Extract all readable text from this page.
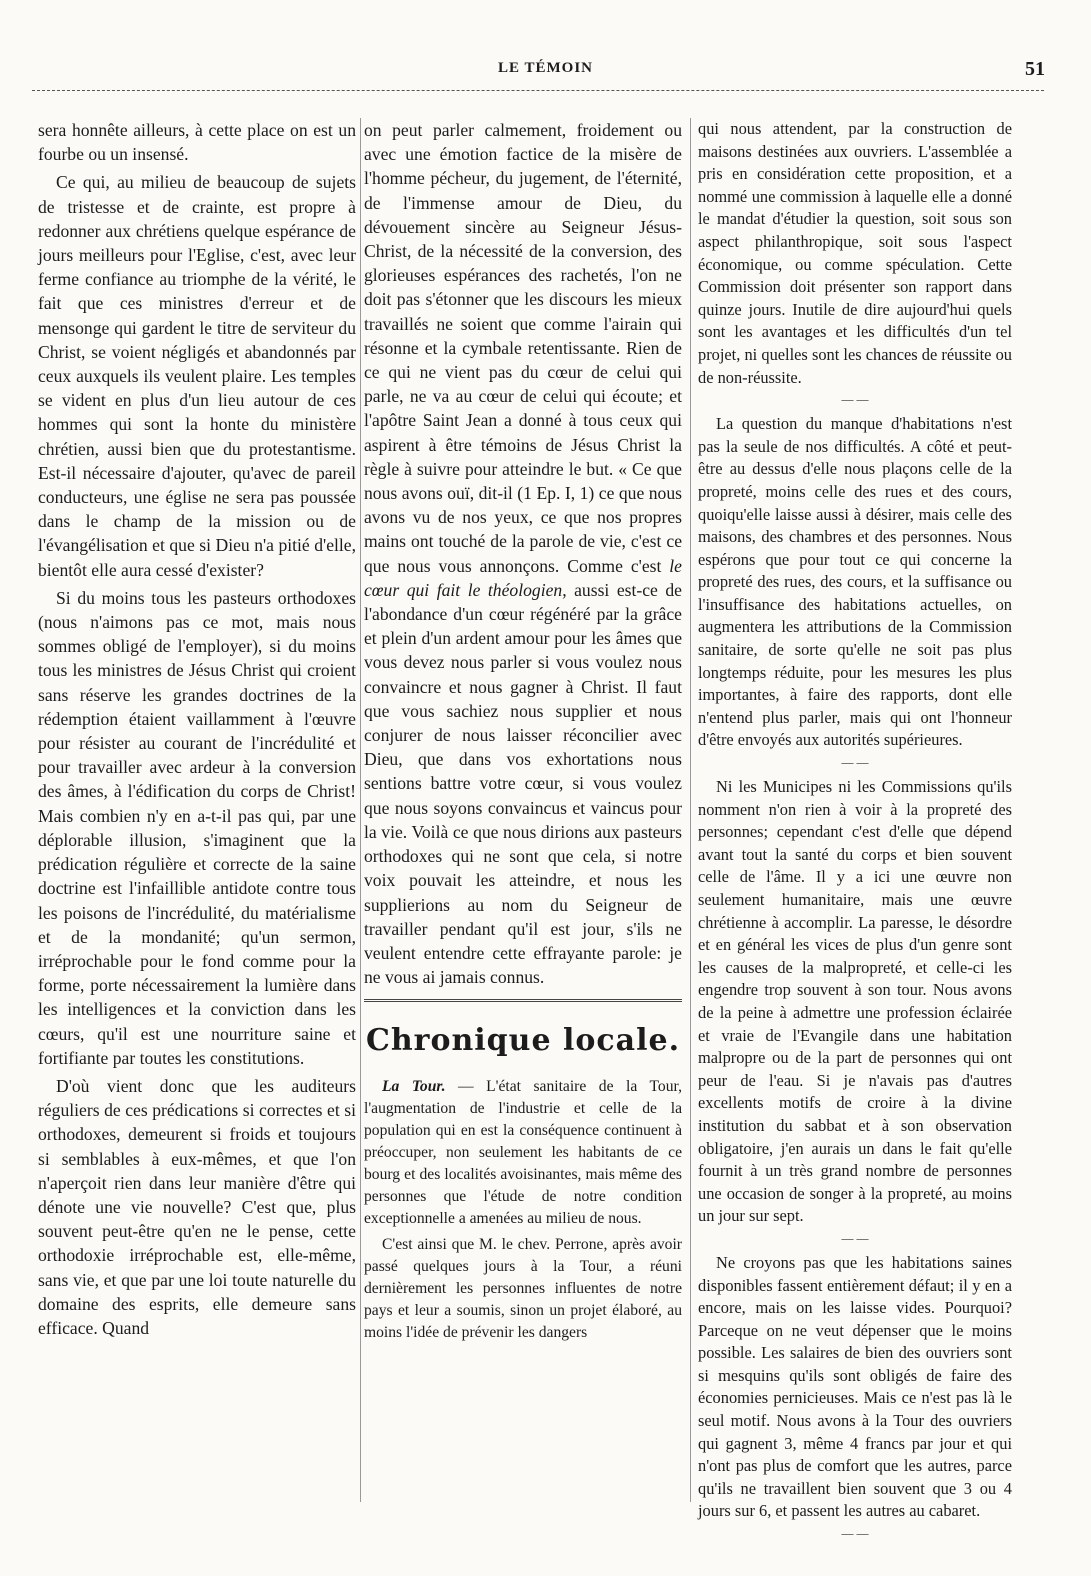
LE TÉMOIN	51

sera honnête ailleurs, à cette place on est un fourbe ou un insensé.

Ce qui, au milieu de beaucoup de sujets de tristesse et de crainte, est propre à redonner aux chrétiens quelque espérance de jours meilleurs pour l'Eglise, c'est, avec leur ferme confiance au triomphe de la vérité, le fait que ces ministres d'erreur et de mensonge qui gardent le titre de serviteur du Christ, se voient négligés et abandonnés par ceux auxquels ils veulent plaire. Les temples se vident en plus d'un lieu autour de ces hommes qui sont la honte du ministère chrétien, aussi bien que du protestantisme. Est-il nécessaire d'ajouter, qu'avec de pareil conducteurs, une église ne sera pas poussée dans le champ de la mission ou de l'évangélisation et que si Dieu n'a pitié d'elle, bientôt elle aura cessé d'exister?

Si du moins tous les pasteurs orthodoxes (nous n'aimons pas ce mot, mais nous sommes obligé de l'employer), si du moins tous les ministres de Jésus Christ qui croient sans réserve les grandes doctrines de la rédemption étaient vaillamment à l'œuvre pour résister au courant de l'incrédulité et pour travailler avec ardeur à la conversion des âmes, à l'édification du corps de Christ! Mais combien n'y en a-t-il pas qui, par une déplorable illusion, s'imaginent que la prédication régulière et correcte de la saine doctrine est l'infaillible antidote contre tous les poisons de l'incrédulité, du matérialisme et de la mondanité; qu'un sermon, irréprochable pour le fond comme pour la forme, porte nécessairement la lumière dans les intelligences et la conviction dans les cœurs, qu'il est une nourriture saine et fortifiante par toutes les constitutions.

D'où vient donc que les auditeurs réguliers de ces prédications si correctes et si orthodoxes, demeurent si froids et toujours si semblables à eux-mêmes, et que l'on n'aperçoit rien dans leur manière d'être qui dénote une vie nouvelle? C'est que, plus souvent peut-être qu'en ne le pense, cette orthodoxie irréprochable est, elle-même, sans vie, et que par une loi toute naturelle du domaine des esprits, elle demeure sans efficace. Quand

on peut parler calmement, froidement ou avec une émotion factice de la misère de l'homme pécheur, du jugement, de l'éternité, de l'immense amour de Dieu, du dévouement sincère au Seigneur Jésus-Christ, de la nécessité de la conversion, des glorieuses espérances des rachetés, l'on ne doit pas s'étonner que les discours les mieux travaillés ne soient que comme l'airain qui résonne et la cymbale retentissante. Rien de ce qui ne vient pas du cœur de celui qui parle, ne va au cœur de celui qui écoute; et l'apôtre Saint Jean a donné à tous ceux qui aspirent à être témoins de Jésus Christ la règle à suivre pour atteindre le but. « Ce que nous avons ouï, dit-il (1 Ep. I, 1) ce que nous avons vu de nos yeux, ce que nos propres mains ont touché de la parole de vie, c'est ce que nous vous annonçons. Comme c'est le cœur qui fait le théologien, aussi est-ce de l'abondance d'un cœur régénéré par la grâce et plein d'un ardent amour pour les âmes que vous devez nous parler si vous voulez nous convaincre et nous gagner à Christ. Il faut que vous sachiez nous supplier et nous conjurer de nous laisser réconcilier avec Dieu, que dans vos exhortations nous sentions battre votre cœur, si vous voulez que nous soyons convaincus et vaincus pour la vie. Voilà ce que nous dirions aux pasteurs orthodoxes qui ne sont que cela, si notre voix pouvait les atteindre, et nous les supplierions au nom du Seigneur de travailler pendant qu'il est jour, s'ils ne veulent entendre cette effrayante parole: je ne vous ai jamais connus.

Chronique locale.

La Tour. — L'état sanitaire de la Tour, l'augmentation de l'industrie et celle de la population qui en est la conséquence continuent à préoccuper, non seulement les habitants de ce bourg et des localités avoisinantes, mais même des personnes que l'étude de notre condition exceptionnelle a amenées au milieu de nous.

C'est ainsi que M. le chev. Perrone, après avoir passé quelques jours à la Tour, a réuni dernièrement les personnes influentes de notre pays et leur a soumis, sinon un projet élaboré, au moins l'idée de prévenir les dangers

qui nous attendent, par la construction de maisons destinées aux ouvriers. L'assemblée a pris en considération cette proposition, et a nommé une commission à laquelle elle a donné le mandat d'étudier la question, soit sous son aspect philanthropique, soit sous l'aspect économique, ou comme spéculation. Cette Commission doit présenter son rapport dans quinze jours. Inutile de dire aujourd'hui quels sont les avantages et les difficultés d'un tel projet, ni quelles sont les chances de réussite ou de non-réussite.

— —

La question du manque d'habitations n'est pas la seule de nos difficultés. A côté et peut-être au dessus d'elle nous plaçons celle de la propreté, moins celle des rues et des cours, quoiqu'elle laisse aussi à désirer, mais celle des maisons, des chambres et des personnes. Nous espérons que pour tout ce qui concerne la propreté des rues, des cours, et la suffisance ou l'insuffisance des habitations actuelles, on augmentera les attributions de la Commission sanitaire, de sorte qu'elle ne soit pas plus longtemps réduite, pour les mesures les plus importantes, à faire des rapports, dont elle n'entend plus parler, mais qui ont l'honneur d'être envoyés aux autorités supérieures.

— —

Ni les Municipes ni les Commissions qu'ils nomment n'on rien à voir à la propreté des personnes; cependant c'est d'elle que dépend avant tout la santé du corps et bien souvent celle de l'âme. Il y a ici une œuvre non seulement humanitaire, mais une œuvre chrétienne à accomplir. La paresse, le désordre et en général les vices de plus d'un genre sont les causes de la malpropreté, et celle-ci les engendre trop souvent à son tour. Nous avons de la peine à admettre une profession éclairée et vraie de l'Evangile dans une habitation malpropre ou de la part de personnes qui ont peur de l'eau. Si je n'avais pas d'autres excellents motifs de croire à la divine institution du sabbat et à son observation obligatoire, j'en aurais un dans le fait qu'elle fournit à un très grand nombre de personnes une occasion de songer à la propreté, au moins un jour sur sept.

— —

Ne croyons pas que les habitations saines disponibles fassent entièrement défaut; il y en a encore, mais on les laisse vides. Pourquoi? Parceque on ne veut dépenser que le moins possible. Les salaires de bien des ouvriers sont si mesquins qu'ils sont obligés de faire des économies pernicieuses. Mais ce n'est pas là le seul motif. Nous avons à la Tour des ouvriers qui gagnent 3, même 4 francs par jour et qui n'ont pas plus de comfort que les autres, parce qu'ils ne travaillent bien souvent que 3 ou 4 jours sur 6, et passent les autres au cabaret.

— —
